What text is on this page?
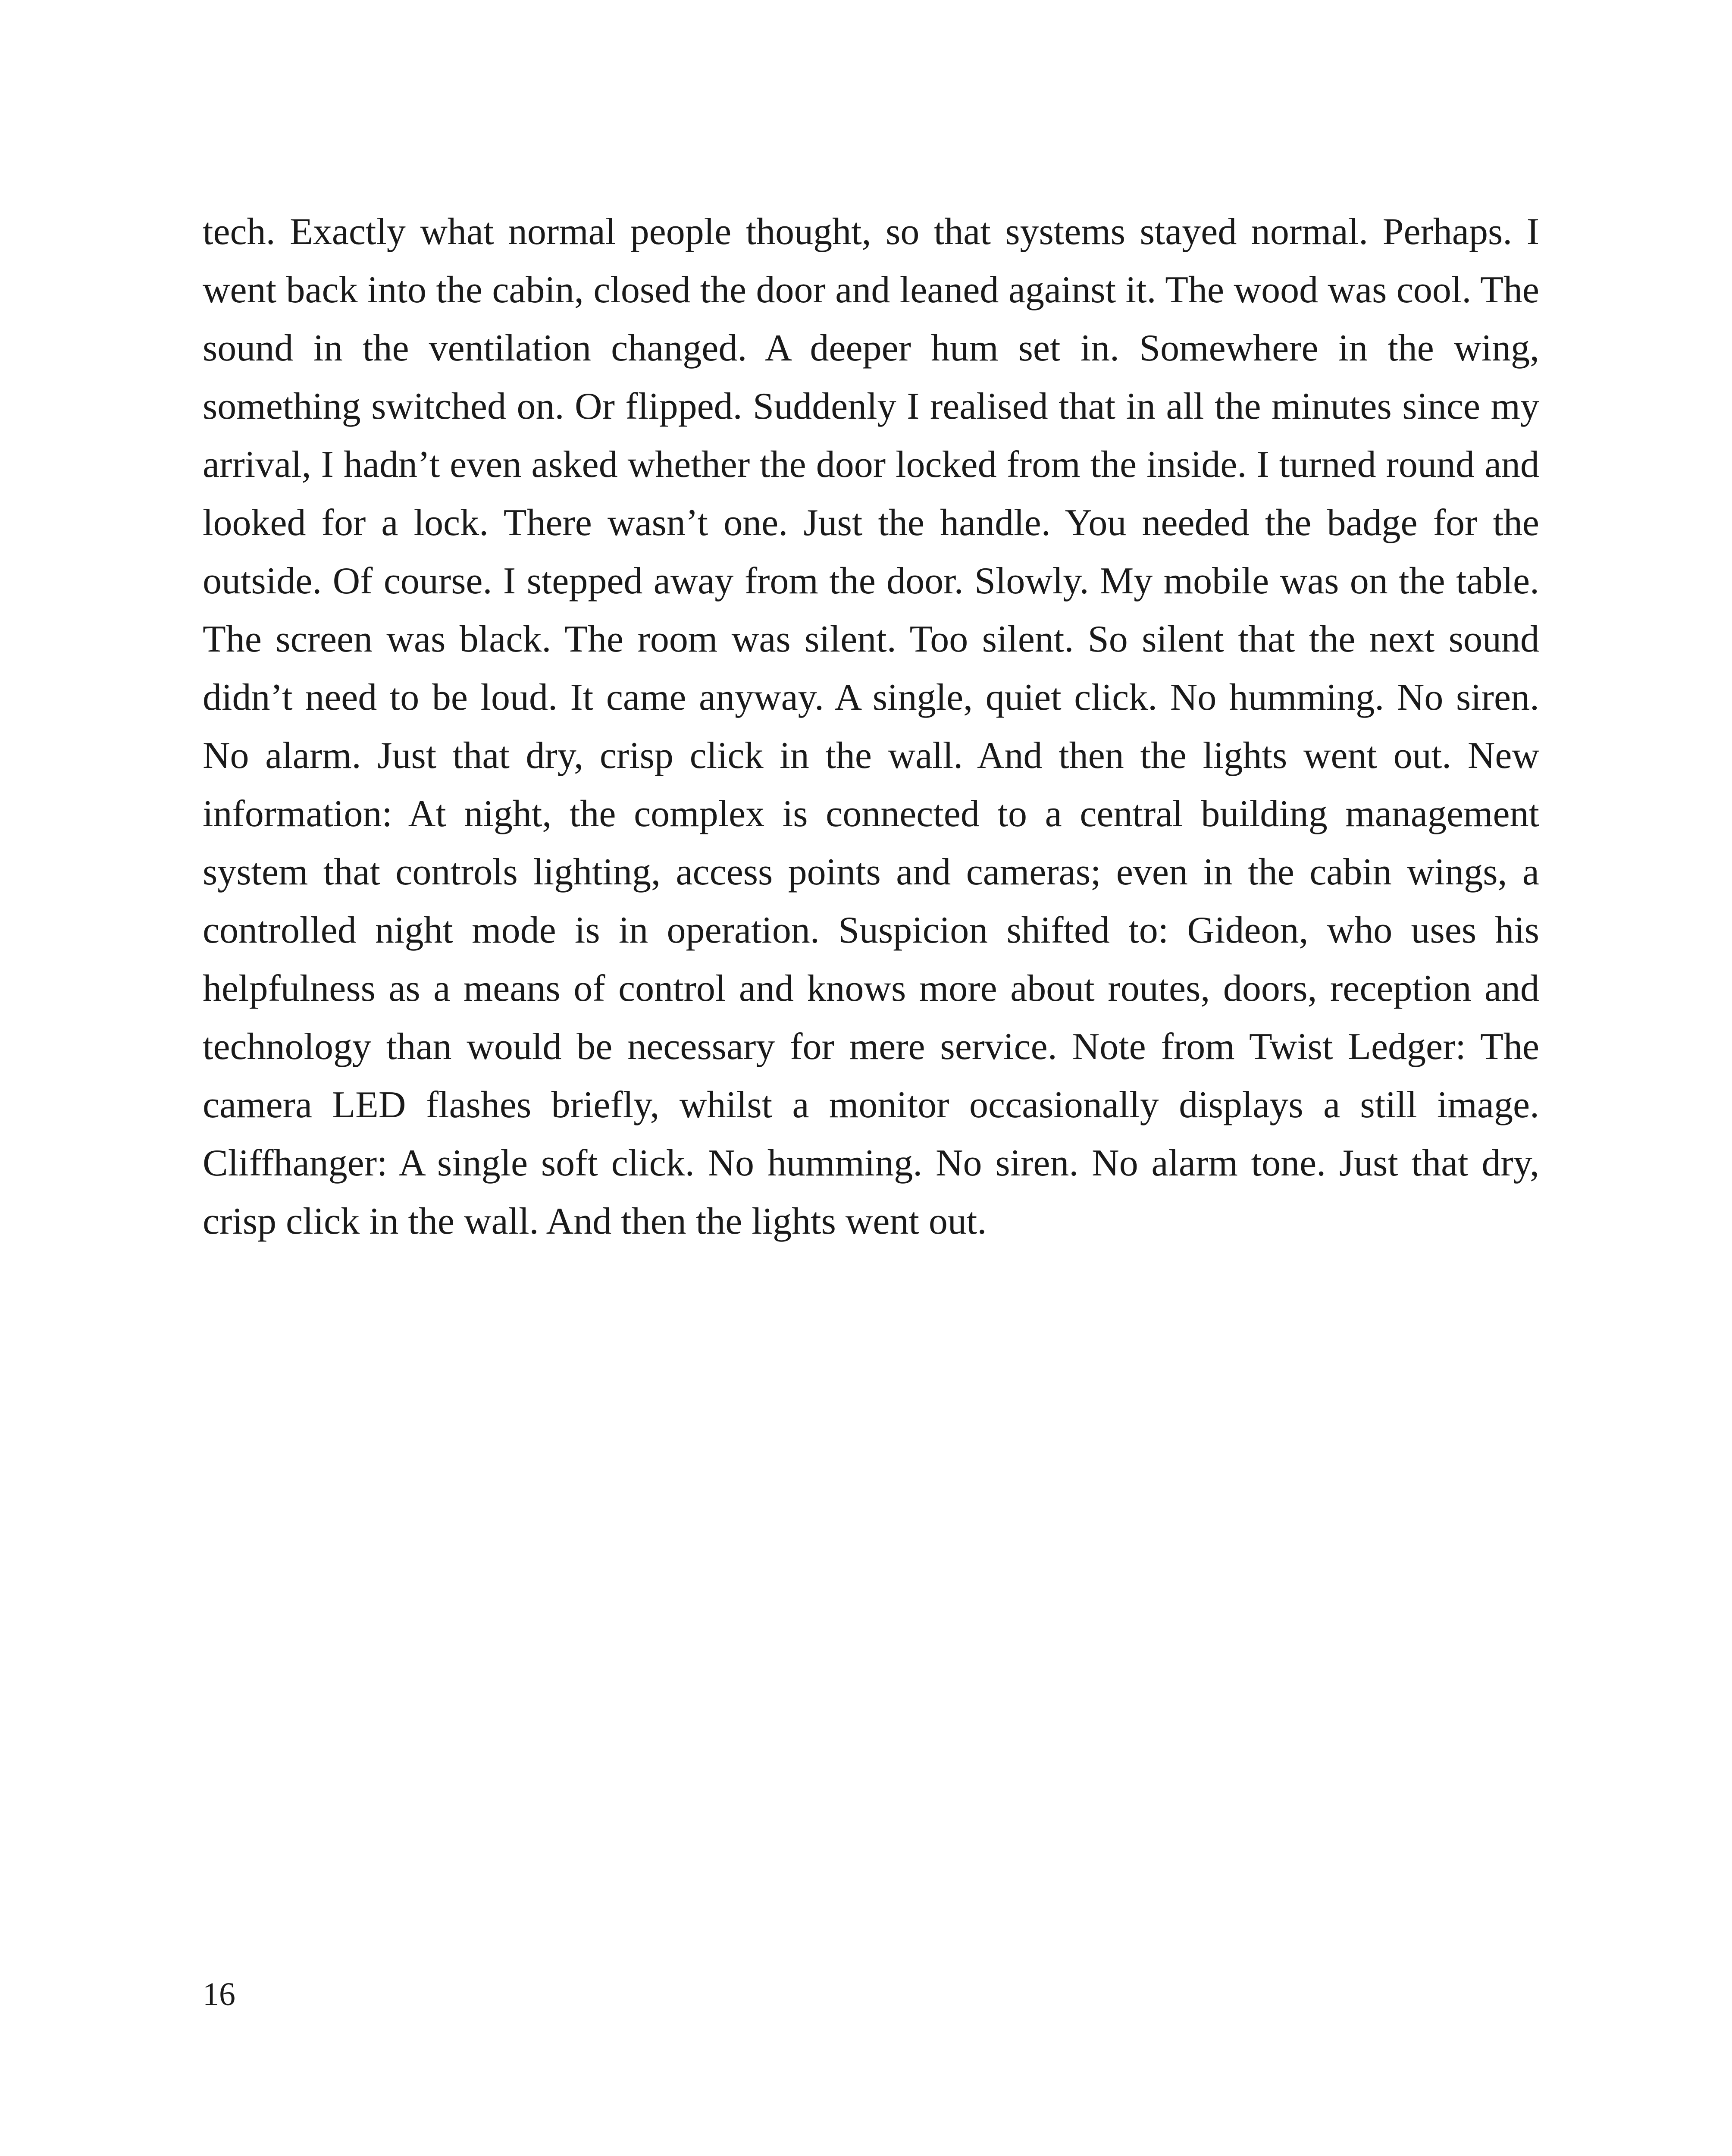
tech. Exactly what normal people thought, so that systems stayed normal. Perhaps. I went back into the cabin, closed the door and leaned against it. The wood was cool. The sound in the ventilation changed. A deeper hum set in. Somewhere in the wing, something switched on. Or flipped. Suddenly I realised that in all the minutes since my arrival, I hadn’t even asked whether the door locked from the inside. I turned round and looked for a lock. There wasn’t one. Just the handle. You needed the badge for the outside. Of course. I stepped away from the door. Slowly. My mobile was on the table. The screen was black. The room was silent. Too silent. So silent that the next sound didn’t need to be loud. It came anyway. A single, quiet click. No humming. No siren. No alarm. Just that dry, crisp click in the wall. And then the lights went out. New information: At night, the complex is connected to a central building management system that controls lighting, access points and cameras; even in the cabin wings, a controlled night mode is in operation. Suspicion shifted to: Gideon, who uses his helpfulness as a means of control and knows more about routes, doors, reception and technology than would be necessary for mere service. Note from Twist Ledger: The camera LED flashes briefly, whilst a monitor occasionally displays a still image. Cliffhanger: A single soft click. No humming. No siren. No alarm tone. Just that dry, crisp click in the wall. And then the lights went out.

16
